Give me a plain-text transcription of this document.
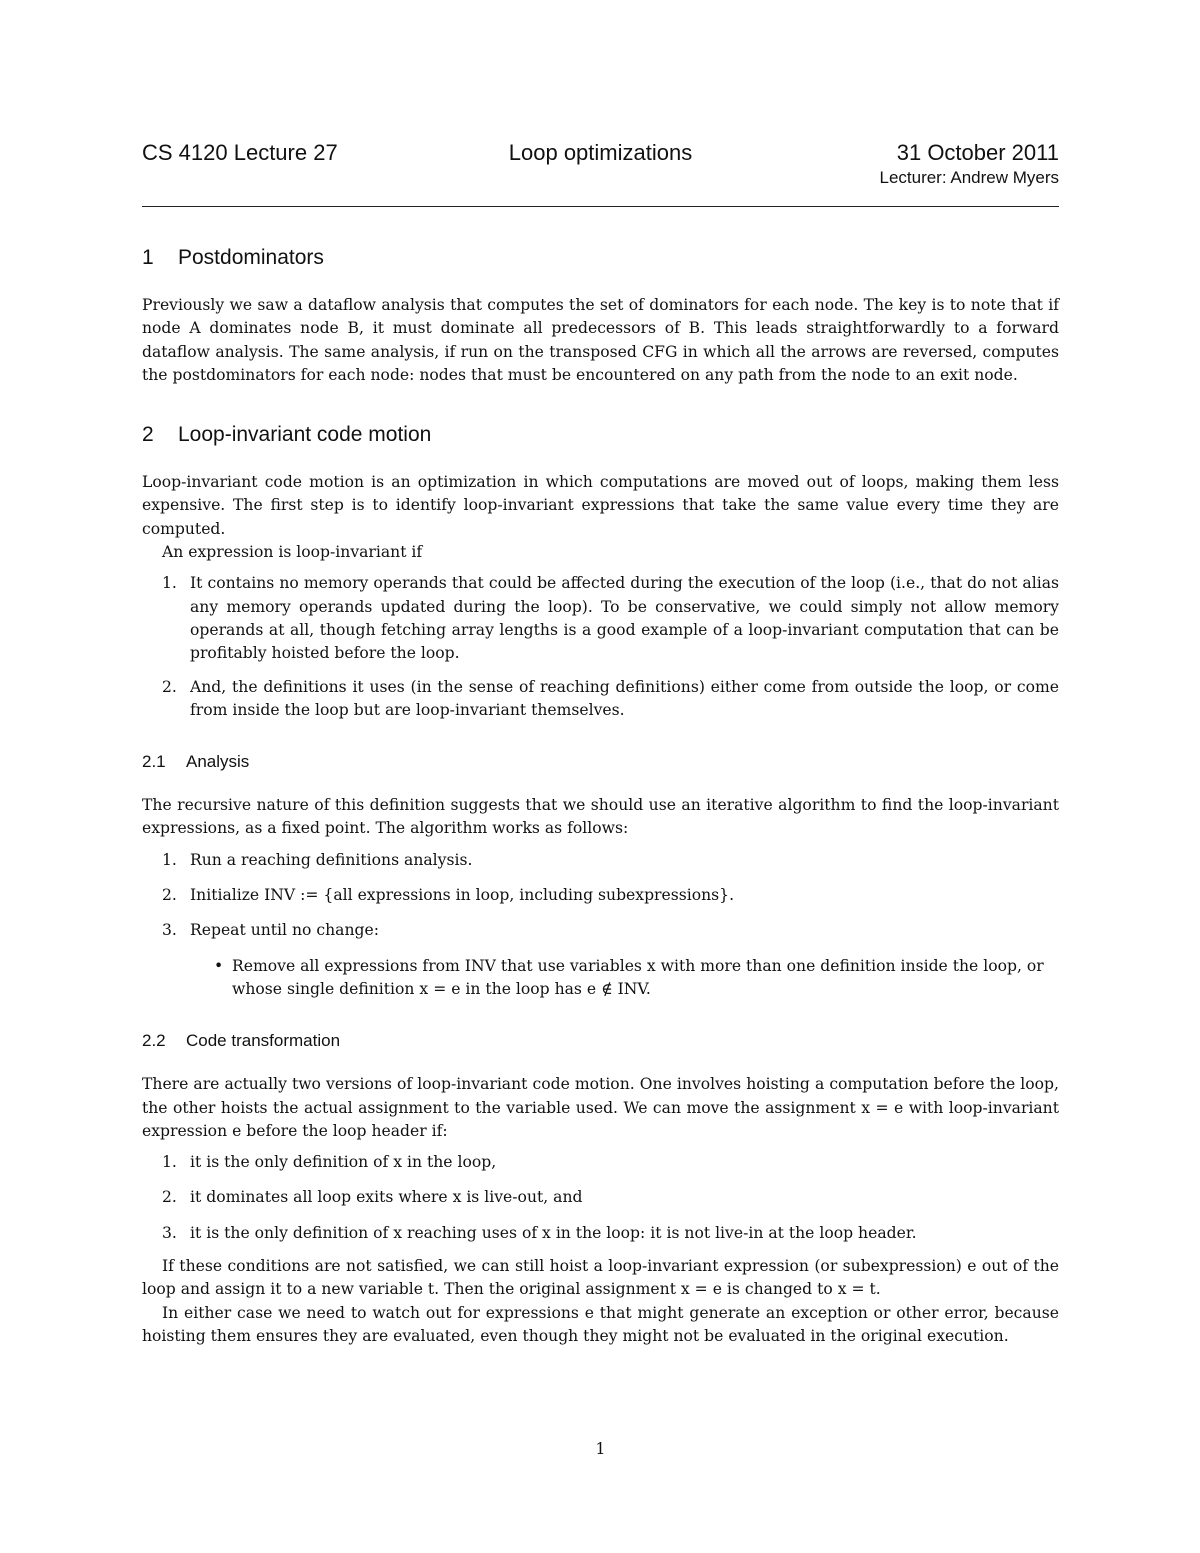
CS 4120 Lecture 27	Loop optimizations	31 October 2011
Lecturer: Andrew Myers
1 Postdominators

Previously we saw a dataflow analysis that computes the set of dominators for each node. The key is to note that if node A dominates node B, it must dominate all predecessors of B. This leads straightforwardly to a forward dataflow analysis. The same analysis, if run on the transposed CFG in which all the arrows are reversed, computes the postdominators for each node: nodes that must be encountered on any path from the node to an exit node.

2 Loop-invariant code motion

Loop-invariant code motion is an optimization in which computations are moved out of loops, making them less expensive. The first step is to identify loop-invariant expressions that take the same value every time they are computed.

An expression is loop-invariant if

1. It contains no memory operands that could be affected during the execution of the loop (i.e., that do not alias any memory operands updated during the loop). To be conservative, we could simply not allow memory operands at all, though fetching array lengths is a good example of a loop-invariant computation that can be profitably hoisted before the loop.
2. And, the definitions it uses (in the sense of reaching definitions) either come from outside the loop, or come from inside the loop but are loop-invariant themselves.
2.1 Analysis

The recursive nature of this definition suggests that we should use an iterative algorithm to find the loop-invariant expressions, as a fixed point. The algorithm works as follows:

1. Run a reaching definitions analysis.
2. Initialize INV := {all expressions in loop, including subexpressions}.
3. Repeat until no change:
• Remove all expressions from INV that use variables x with more than one definition inside the loop, or whose single definition x = e in the loop has e ∉ INV.
2.2 Code transformation

There are actually two versions of loop-invariant code motion. One involves hoisting a computation before the loop, the other hoists the actual assignment to the variable used. We can move the assignment x = e with loop-invariant expression e before the loop header if:

1. it is the only definition of x in the loop,
2. it dominates all loop exits where x is live-out, and
3. it is the only definition of x reaching uses of x in the loop: it is not live-in at the loop header.

If these conditions are not satisfied, we can still hoist a loop-invariant expression (or subexpression) e out of the loop and assign it to a new variable t. Then the original assignment x = e is changed to x = t.

In either case we need to watch out for expressions e that might generate an exception or other error, because hoisting them ensures they are evaluated, even though they might not be evaluated in the original execution.

1
